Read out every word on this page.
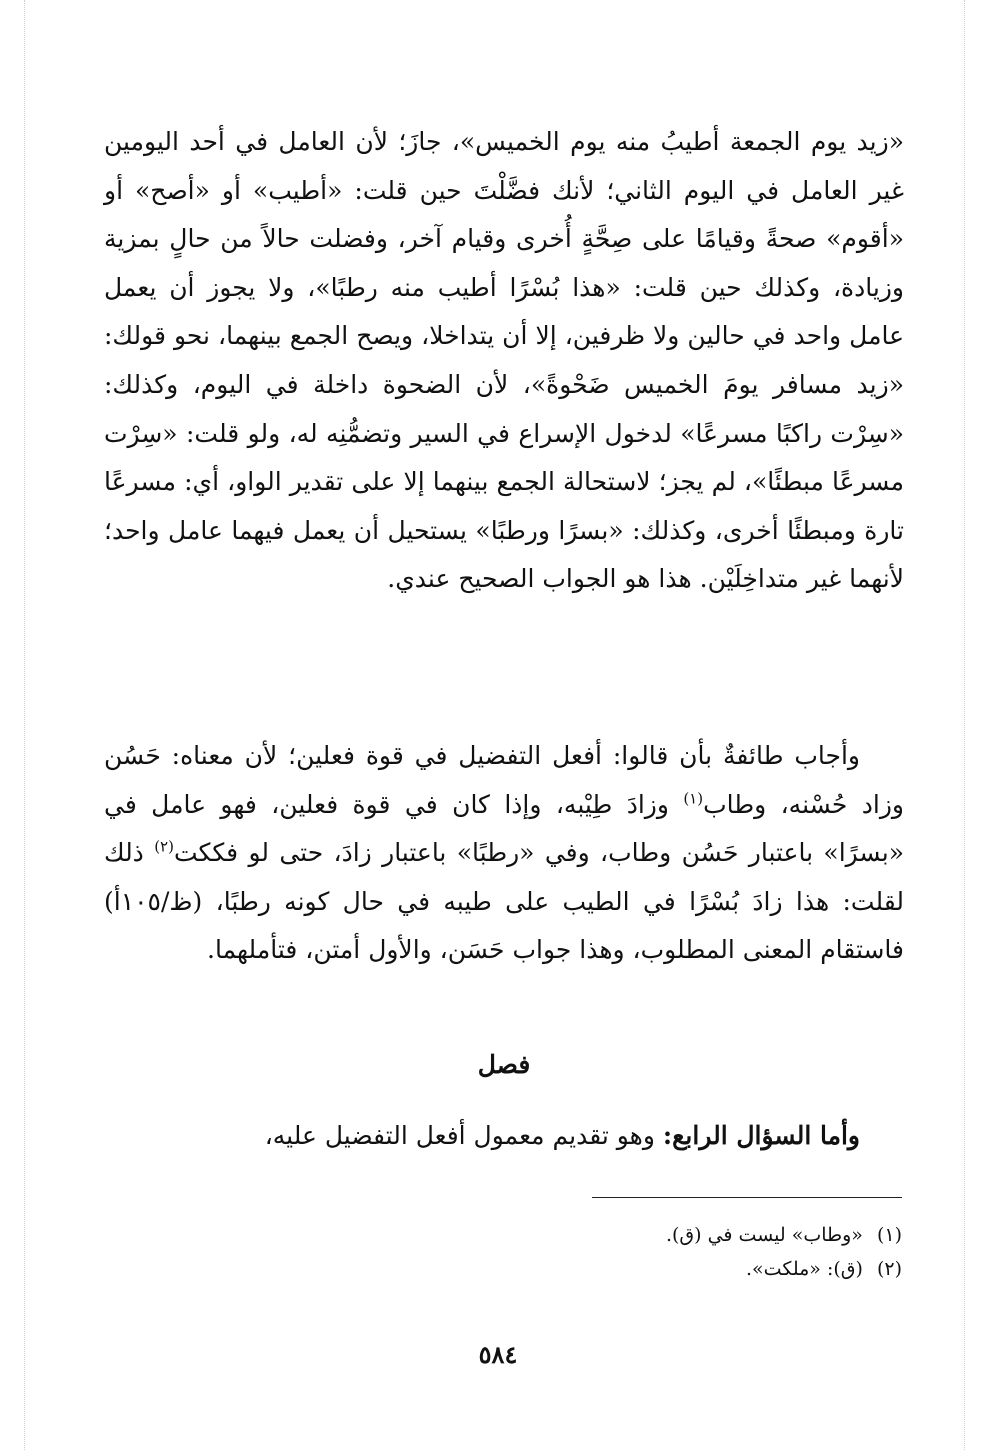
«زيد يوم الجمعة أطيبُ منه يوم الخميس»، جازَ؛ لأن العامل في أحد اليومين غير العامل في اليوم الثاني؛ لأنك فضَّلْتَ حين قلت: «أطيب» أو «أصح» أو «أقوم» صحةً وقيامًا على صِحَّةٍ أُخرى وقيام آخر، وفضلت حالاً من حالٍ بمزية وزيادة، وكذلك حين قلت: «هذا بُسْرًا أطيب منه رطبًا»، ولا يجوز أن يعمل عامل واحد في حالين ولا ظرفين، إلا أن يتداخلا، ويصح الجمع بينهما، نحو قولك: «زيد مسافر يومَ الخميس ضَحْوةً»، لأن الضحوة داخلة في اليوم، وكذلك: «سِرْت راكبًا مسرعًا» لدخول الإسراع في السير وتضمُّنِه له، ولو قلت: «سِرْت مسرعًا مبطئًا»، لم يجز؛ لاستحالة الجمع بينهما إلا على تقدير الواو، أي: مسرعًا تارة ومبطئًا أخرى، وكذلك: «بسرًا ورطبًا» يستحيل أن يعمل فيهما عامل واحد؛ لأنهما غير متداخِلَيْن. هذا هو الجواب الصحيح عندي.

وأجاب طائفةٌ بأن قالوا: أفعل التفضيل في قوة فعلين؛ لأن معناه: حَسُن وزاد حُسْنه، وطاب$^{(١)}$ وزادَ طِيْبه، وإذا كان في قوة فعلين، فهو عامل في «بسرًا» باعتبار حَسُن وطاب، وفي «رطبًا» باعتبار زادَ، حتى لو فككت$^{(٢)}$ ذلك لقلت: هذا زادَ بُسْرًا في الطيب على طيبه في حال كونه رطبًا، (ظ/١٠٥أ) فاستقام المعنى المطلوب، وهذا جواب حَسَن، والأول أمتن، فتأملهما.

فصل

وأما السؤال الرابع: وهو تقديم معمول أفعل التفضيل عليه،

(١)«وطاب» ليست في (ق).
(٢)(ق): «ملكت».
٥٨٤
